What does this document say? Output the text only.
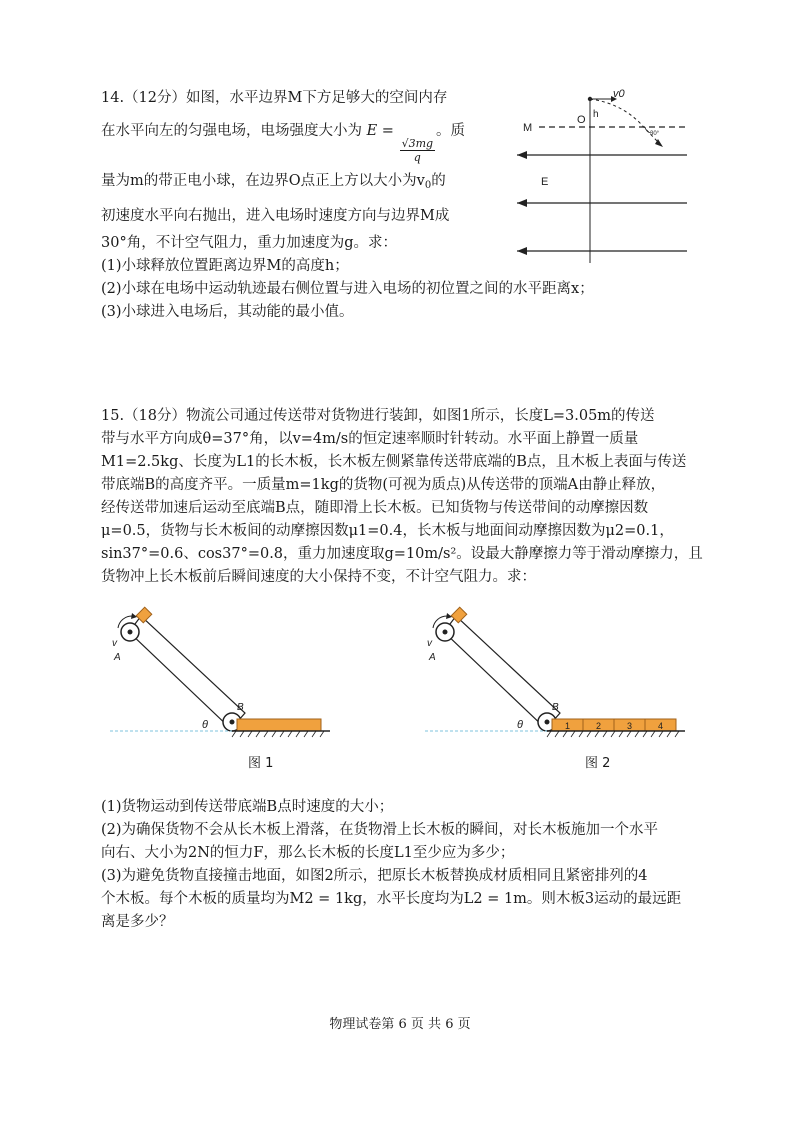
14.（12分）如图，水平边界M下方足够大的空间内存
在水平向左的匀强电场，电场强度大小为 E =
$\frac{√3mg}{q}$
。质
量为m的带正电小球，在边界O点正上方以大小为$v_0$的
初速度水平向右抛出，进入电场时速度方向与边界M成
30°角，不计空气阻力，重力加速度为g。求：
(1)小球释放位置距离边界M的高度h；
(2)小球在电场中运动轨迹最右侧位置与进入电场的初位置之间的水平距离x；
(3)小球进入电场后，其动能的最小值。
30°
v0
h
O
M
E
15.（18分）物流公司通过传送带对货物进行装卸，如图1所示，长度L=3.05m的传送
带与水平方向成θ=37°角，以v=4m/s的恒定速率顺时针转动。水平面上静置一质量
M1=2.5kg、长度为L1的长木板，长木板左侧紧靠传送带底端的B点，且木板上表面与传送
带底端B的高度齐平。一质量m=1kg的货物(可视为质点)从传送带的顶端A由静止释放，
经传送带加速后运动至底端B点，随即滑上长木板。已知货物与传送带间的动摩擦因数
μ=0.5，货物与长木板间的动摩擦因数μ1=0.4，长木板与地面间动摩擦因数为μ2=0.1，
sin37°=0.6、cos37°=0.8，重力加速度取g=10m/s²。设最大静摩擦力等于滑动摩擦力，且
货物冲上长木板前后瞬间速度的大小保持不变，不计空气阻力。求：
v
A
B
θ
v
A
B
θ	1	2	3	4
图 1	图 2
(1)货物运动到传送带底端B点时速度的大小；
(2)为确保货物不会从长木板上滑落，在货物滑上长木板的瞬间，对长木板施加一个水平
向右、大小为2N的恒力F，那么长木板的长度L1至少应为多少；
(3)为避免货物直接撞击地面，如图2所示，把原长木板替换成材质相同且紧密排列的4
个木板。每个木板的质量均为M2 = 1kg，水平长度均为L2 = 1m。则木板3运动的最远距
离是多少？
物理试卷第 6 页 共 6 页
